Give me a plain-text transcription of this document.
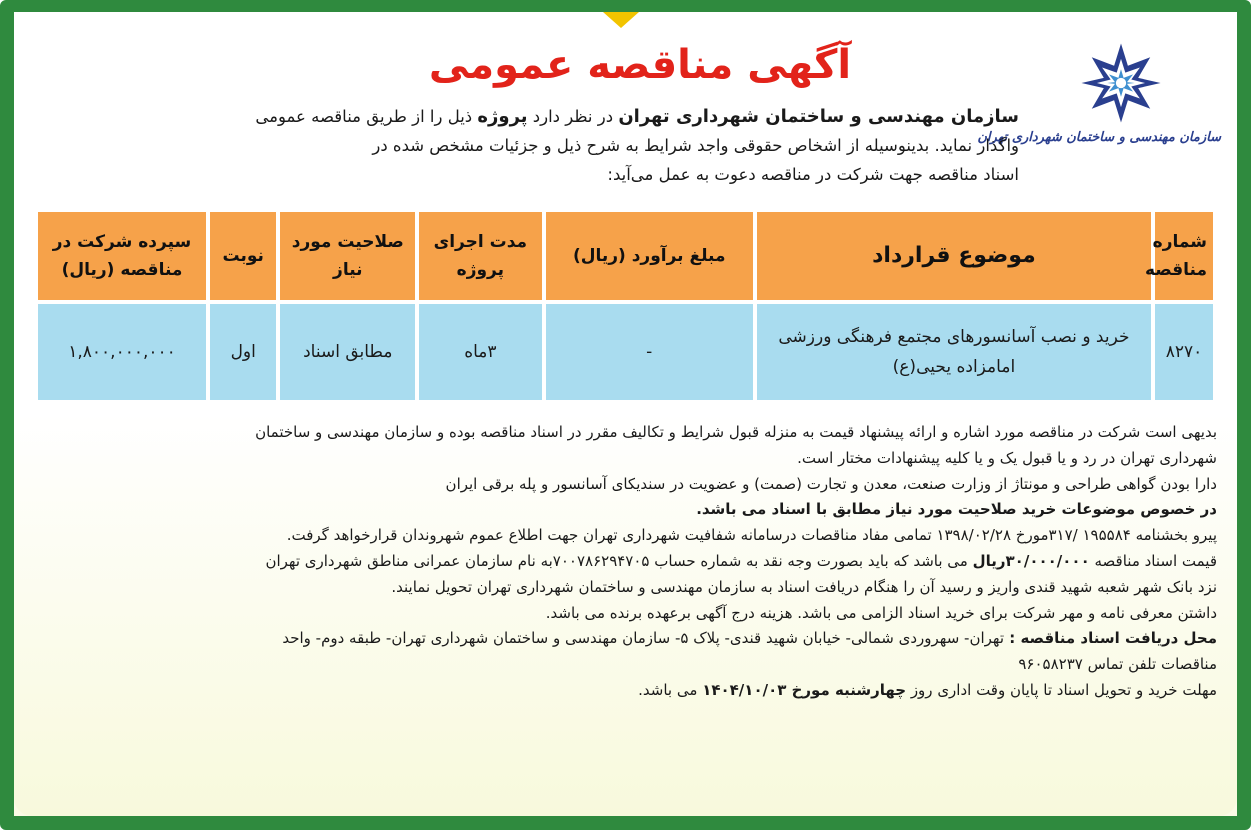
سازمان مهندسی و ساختمان شهرداری تهران
آگهی مناقصه عمومی
سازمان مهندسی و ساختمان شهرداری تهران در نظر دارد پروژه ذیل را از طریق مناقصه عمومی
واگذار نماید. بدینوسیله از اشخاص حقوقی واجد شرایط به شرح ذیل و جزئیات مشخص شده در
اسناد مناقصه جهت شرکت در مناقصه دعوت به عمل می‌آید:
شماره مناقصه	موضوع قرارداد	مبلغ برآورد (ریال)	مدت اجرای پروژه	صلاحیت مورد نیاز	نوبت	سپرده شرکت در مناقصه (ریال)
۸۲۷۰	خرید و نصب آسانسورهای مجتمع فرهنگی ورزشی امامزاده یحیی(ع)	-	۳ماه	مطابق اسناد	اول	۱,۸۰۰,۰۰۰,۰۰۰
بدیهی است شرکت در مناقصه مورد اشاره و ارائه پیشنهاد قیمت به منزله قبول شرایط و تکالیف مقرر در اسناد مناقصه بوده و سازمان مهندسی و ساختمان
شهرداری تهران در رد و یا قبول یک و یا کلیه پیشنهادات مختار است.
دارا بودن گواهی طراحی و مونتاژ از وزارت صنعت، معدن و تجارت (صمت) و عضویت در سندیکای آسانسور و پله برقی ایران
در خصوص موضوعات خرید صلاحیت مورد نیاز مطابق با اسناد می باشد.
پیرو بخشنامه ۱۹۵۵۸۴ /۳۱۷مورخ ۱۳۹۸/۰۲/۲۸ تمامی مفاد مناقصات درسامانه شفافیت شهرداری تهران جهت اطلاع عموم شهروندان قرارخواهد گرفت.
قیمت اسناد مناقصه ۳۰/۰۰۰/۰۰۰ریال می باشد که باید بصورت وجه نقد به شماره حساب ۷۰۰۷۸۶۲۹۴۷۰۵به نام سازمان عمرانی مناطق شهرداری تهران
نزد بانک شهر شعبه شهید قندی واریز و رسید آن را هنگام دریافت اسناد به سازمان مهندسی و ساختمان شهرداری تهران تحویل نمایند.
داشتن معرفی نامه و مهر شرکت برای خرید اسناد الزامی می باشد. هزینه درج آگهی برعهده برنده می باشد.
محل دریافت اسناد مناقصه : تهران- سهروردی شمالی- خیابان شهید قندی- پلاک ۵- سازمان مهندسی و ساختمان شهرداری تهران- طبقه دوم- واحد
مناقصات تلفن تماس ۹۶۰۵۸۲۳۷
مهلت خرید و تحویل اسناد تا پایان وقت اداری روز چهارشنبه مورخ ۱۴۰۴/۱۰/۰۳ می باشد.
